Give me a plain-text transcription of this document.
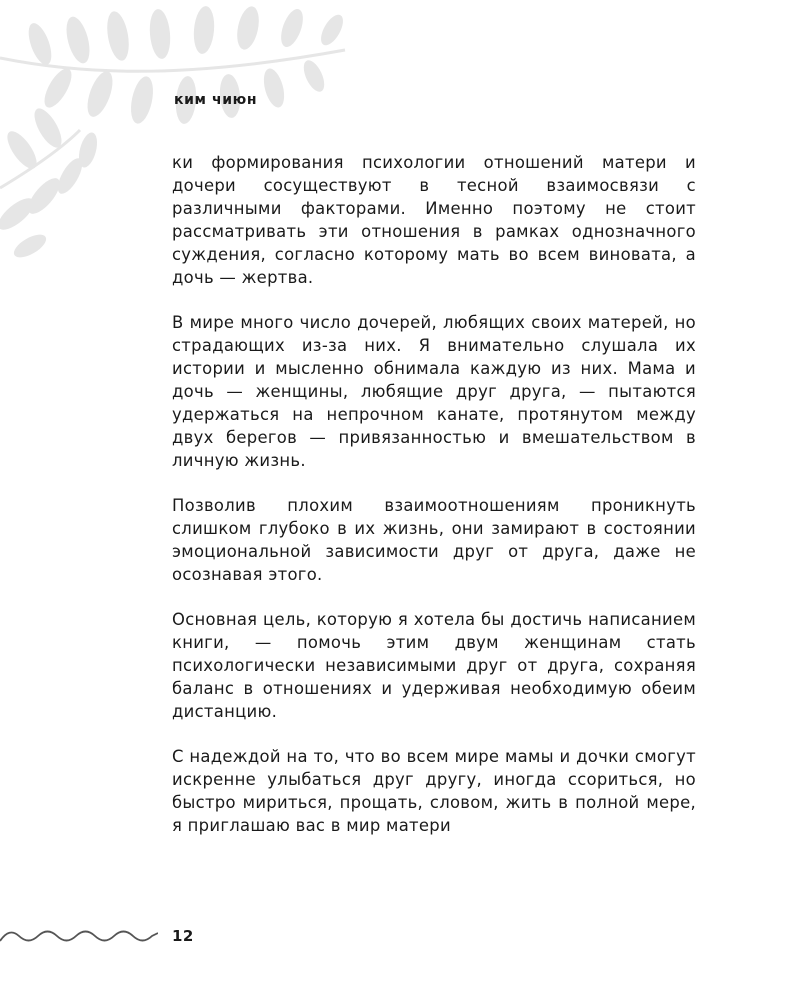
ким чиюн

ки формирования психологии отношений матери и дочери сосуществуют в тесной взаимосвязи с различными факторами. Именно поэтому не стоит рассматривать эти отношения в рамках однозначного суждения, согласно которому мать во всем виновата, а дочь — жертва.

В мире много число дочерей, любящих своих матерей, но страдающих из-за них. Я внимательно слушала их истории и мысленно обнимала каждую из них. Мама и дочь — женщины, любящие друг друга, — пытаются удержаться на непрочном канате, протянутом между двух берегов — привязанностью и вмешательством в личную жизнь.

Позволив плохим взаимоотношениям проникнуть слишком глубоко в их жизнь, они замирают в состоянии эмоциональной зависимости друг от друга, даже не осознавая этого.

Основная цель, которую я хотела бы достичь написанием книги, — помочь этим двум женщинам стать психологически независимыми друг от друга, сохраняя баланс в отношениях и удерживая необходимую обеим дистанцию.

С надеждой на то, что во всем мире мамы и дочки смогут искренне улыбаться друг другу, иногда ссориться, но быстро мириться, прощать, словом, жить в полной мере, я приглашаю вас в мир матери

12
